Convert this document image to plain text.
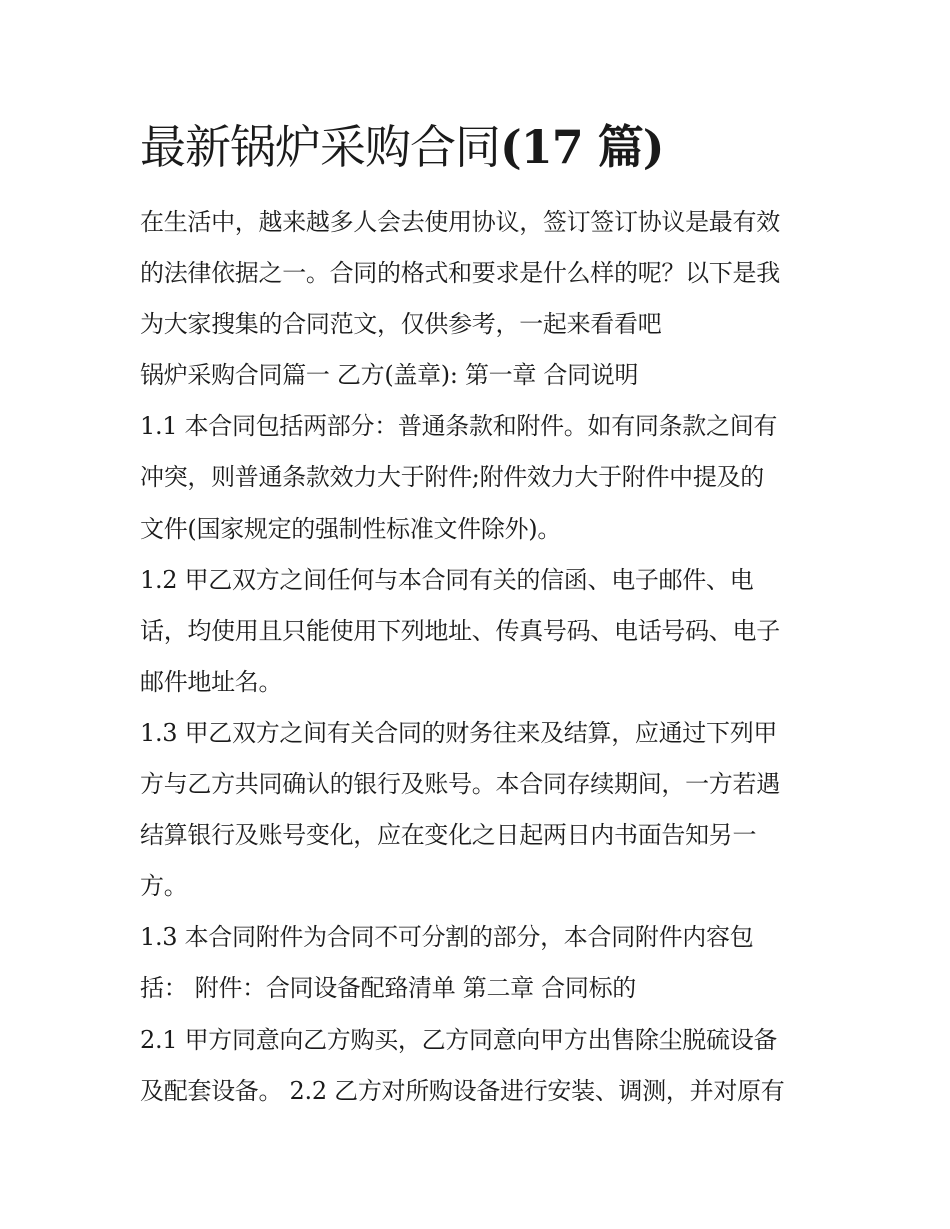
最新锅炉采购合同(17 篇)
在生活中，越来越多人会去使用协议，签订签订协议是最有效
的法律依据之一。合同的格式和要求是什么样的呢？以下是我
为大家搜集的合同范文，仅供参考，一起来看看吧
锅炉采购合同篇一 乙方(盖章): 第一章 合同说明
1.1 本合同包括两部分：普通条款和附件。如有同条款之间有
冲突，则普通条款效力大于附件;附件效力大于附件中提及的
文件(国家规定的强制性标准文件除外)。
1.2 甲乙双方之间任何与本合同有关的信函、电子邮件、电
话，均使用且只能使用下列地址、传真号码、电话号码、电子
邮件地址名。
1.3 甲乙双方之间有关合同的财务往来及结算，应通过下列甲
方与乙方共同确认的银行及账号。本合同存续期间，一方若遇
结算银行及账号变化，应在变化之日起两日内书面告知另一
方。
1.3 本合同附件为合同不可分割的部分，本合同附件内容包
括： 附件：合同设备配臵清单 第二章 合同标的
2.1 甲方同意向乙方购买，乙方同意向甲方出售除尘脱硫设备
及配套设备。 2.2 乙方对所购设备进行安装、调测，并对原有
